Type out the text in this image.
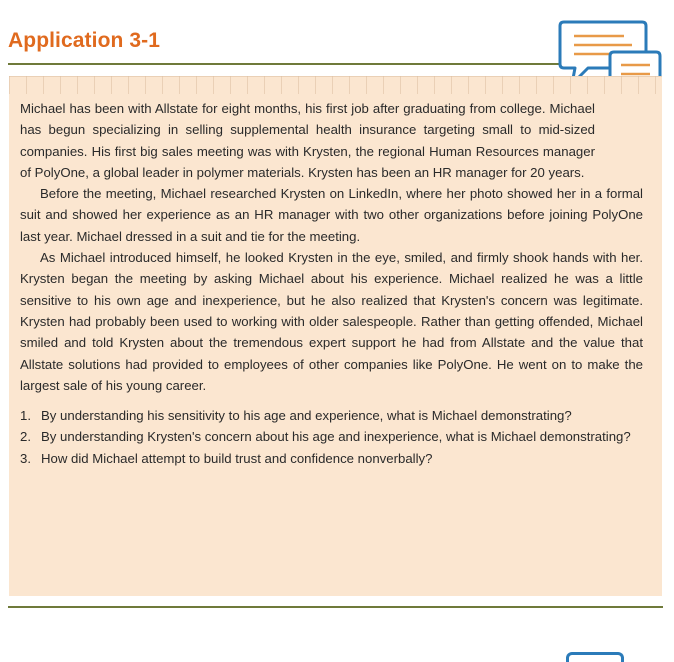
Application 3-1

Michael has been with Allstate for eight months, his first job after graduating from college. Michael has begun specializing in selling supplemental health insurance targeting small to mid-sized companies. His first big sales meeting was with Krysten, the regional Human Resources manager of PolyOne, a global leader in polymer materials. Krysten has been an HR manager for 20 years.

Before the meeting, Michael researched Krysten on LinkedIn, where her photo showed her in a formal suit and showed her experience as an HR manager with two other organizations before joining PolyOne last year. Michael dressed in a suit and tie for the meeting.

As Michael introduced himself, he looked Krysten in the eye, smiled, and firmly shook hands with her. Krysten began the meeting by asking Michael about his experience. Michael realized he was a little sensitive to his own age and inexperience, but he also realized that Krysten's concern was legitimate. Krysten had probably been used to working with older salespeople. Rather than getting offended, Michael smiled and told Krysten about the tremendous expert support he had from Allstate and the value that Allstate solutions had provided to employees of other companies like PolyOne. He went on to make the largest sale of his young career.

1. By understanding his sensitivity to his age and experience, what is Michael demonstrating?
2. By understanding Krysten's concern about his age and inexperience, what is Michael demonstrating?
3. How did Michael attempt to build trust and confidence nonverbally?
